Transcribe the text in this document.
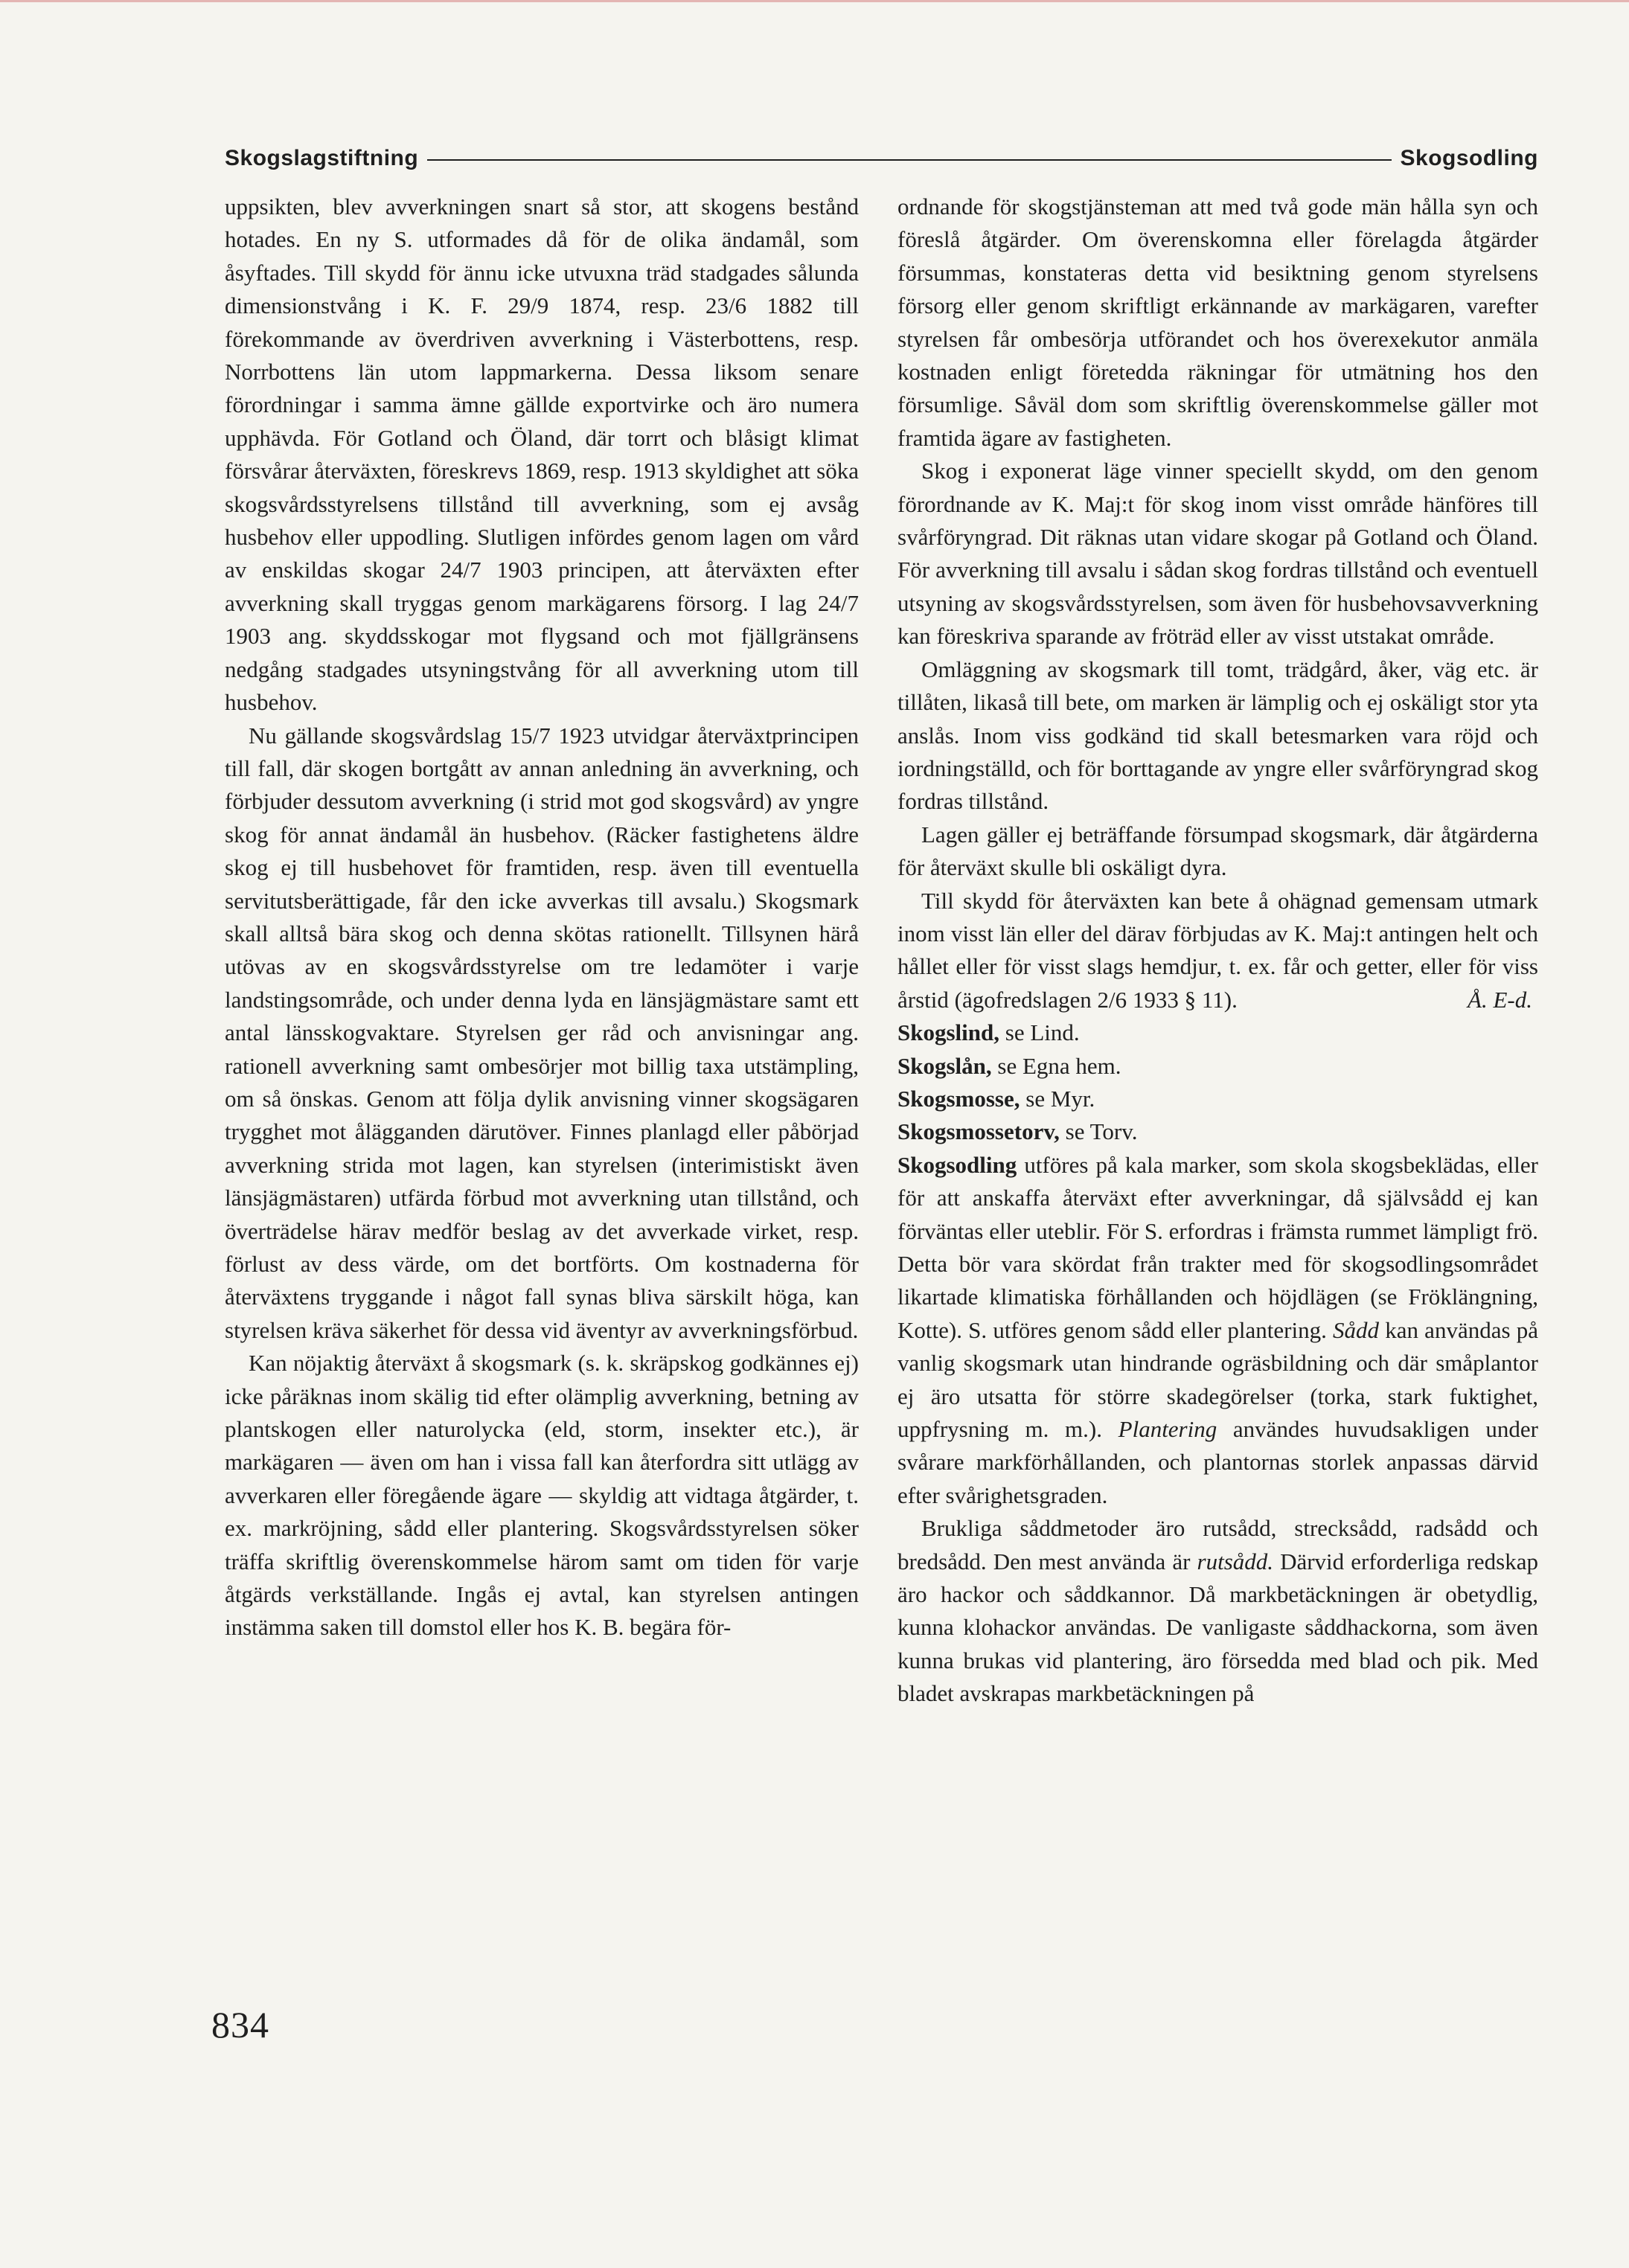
Skogslagstiftning	Skogsodling

uppsikten, blev avverkningen snart så stor, att skogens bestånd hotades. En ny S. utformades då för de olika ändamål, som åsyftades. Till skydd för ännu icke utvuxna träd stadgades sålunda dimensionstvång i K. F. 29/9 1874, resp. 23/6 1882 till förekommande av överdriven avverkning i Västerbottens, resp. Norrbottens län utom lappmarkerna. Dessa liksom senare förordningar i samma ämne gällde exportvirke och äro numera upphävda. För Gotland och Öland, där torrt och blåsigt klimat försvårar återväxten, föreskrevs 1869, resp. 1913 skyldighet att söka skogsvårdsstyrelsens tillstånd till avverkning, som ej avsåg husbehov eller uppodling. Slutligen infördes genom lagen om vård av enskildas skogar 24/7 1903 principen, att återväxten efter avverkning skall tryggas genom markägarens försorg. I lag 24/7 1903 ang. skyddsskogar mot flygsand och mot fjällgränsens nedgång stadgades utsyningstvång för all avverkning utom till husbehov.

Nu gällande skogsvårdslag 15/7 1923 utvidgar återväxtprincipen till fall, där skogen bortgått av annan anledning än avverkning, och förbjuder dessutom avverkning (i strid mot god skogsvård) av yngre skog för annat ändamål än husbehov. (Räcker fastighetens äldre skog ej till husbehovet för framtiden, resp. även till eventuella servitutsberättigade, får den icke avverkas till avsalu.) Skogsmark skall alltså bära skog och denna skötas rationellt. Tillsynen härå utövas av en skogsvårdsstyrelse om tre ledamöter i varje landstingsområde, och under denna lyda en länsjägmästare samt ett antal länsskogvaktare. Styrelsen ger råd och anvisningar ang. rationell avverkning samt ombesörjer mot billig taxa utstämpling, om så önskas. Genom att följa dylik anvisning vinner skogsägaren trygghet mot ålägganden därutöver. Finnes planlagd eller påbörjad avverkning strida mot lagen, kan styrelsen (interimistiskt även länsjägmästaren) utfärda förbud mot avverkning utan tillstånd, och överträdelse härav medför beslag av det avverkade virket, resp. förlust av dess värde, om det bortförts. Om kostnaderna för återväxtens tryggande i något fall synas bliva särskilt höga, kan styrelsen kräva säkerhet för dessa vid äventyr av avverkningsförbud.

Kan nöjaktig återväxt å skogsmark (s. k. skräpskog godkännes ej) icke påräknas inom skälig tid efter olämplig avverkning, betning av plantskogen eller naturolycka (eld, storm, insekter etc.), är markägaren — även om han i vissa fall kan återfordra sitt utlägg av avverkaren eller föregående ägare — skyldig att vidtaga åtgärder, t. ex. markröjning, sådd eller plantering. Skogsvårdsstyrelsen söker träffa skriftlig överenskommelse härom samt om tiden för varje åtgärds verkställande. Ingås ej avtal, kan styrelsen antingen instämma saken till domstol eller hos K. B. begära för-

ordnande för skogstjänsteman att med två gode män hålla syn och föreslå åtgärder. Om överenskomna eller förelagda åtgärder försummas, konstateras detta vid besiktning genom styrelsens försorg eller genom skriftligt erkännande av markägaren, varefter styrelsen får ombesörja utförandet och hos överexekutor anmäla kostnaden enligt företedda räkningar för utmätning hos den försumlige. Såväl dom som skriftlig överenskommelse gäller mot framtida ägare av fastigheten.

Skog i exponerat läge vinner speciellt skydd, om den genom förordnande av K. Maj:t för skog inom visst område hänföres till svårföryngrad. Dit räknas utan vidare skogar på Gotland och Öland. För avverkning till avsalu i sådan skog fordras tillstånd och eventuell utsyning av skogsvårdsstyrelsen, som även för husbehovsavverkning kan föreskriva sparande av fröträd eller av visst utstakat område.

Omläggning av skogsmark till tomt, trädgård, åker, väg etc. är tillåten, likaså till bete, om marken är lämplig och ej oskäligt stor yta anslås. Inom viss godkänd tid skall betesmarken vara röjd och iordningställd, och för borttagande av yngre eller svårföryngrad skog fordras tillstånd.

Lagen gäller ej beträffande försumpad skogsmark, där åtgärderna för återväxt skulle bli oskäligt dyra.

Till skydd för återväxten kan bete å ohägnad gemensam utmark inom visst län eller del därav förbjudas av K. Maj:t antingen helt och hållet eller för visst slags hemdjur, t. ex. får och getter, eller för viss årstid (ägofredslagen 2/6 1933 § 11).	Å. E-d.

Skogslind, se Lind.

Skogslån, se Egna hem.

Skogsmosse, se Myr.

Skogsmossetorv, se Torv.

Skogsodling utföres på kala marker, som skola skogsbeklädas, eller för att anskaffa återväxt efter avverkningar, då självsådd ej kan förväntas eller uteblir. För S. erfordras i främsta rummet lämpligt frö. Detta bör vara skördat från trakter med för skogsodlingsområdet likartade klimatiska förhållanden och höjdlägen (se Fröklängning, Kotte). S. utföres genom sådd eller plantering. Sådd kan användas på vanlig skogsmark utan hindrande ogräsbildning och där småplantor ej äro utsatta för större skadegörelser (torka, stark fuktighet, uppfrysning m. m.). Plantering användes huvudsakligen under svårare markförhållanden, och plantornas storlek anpassas därvid efter svårighetsgraden.

Brukliga såddmetoder äro rutsådd, strecksådd, radsådd och bredsådd. Den mest använda är rutsådd. Därvid erforderliga redskap äro hackor och såddkannor. Då markbetäckningen är obetydlig, kunna klohackor användas. De vanligaste såddhackorna, som även kunna brukas vid plantering, äro försedda med blad och pik. Med bladet avskrapas markbetäckningen på

834
